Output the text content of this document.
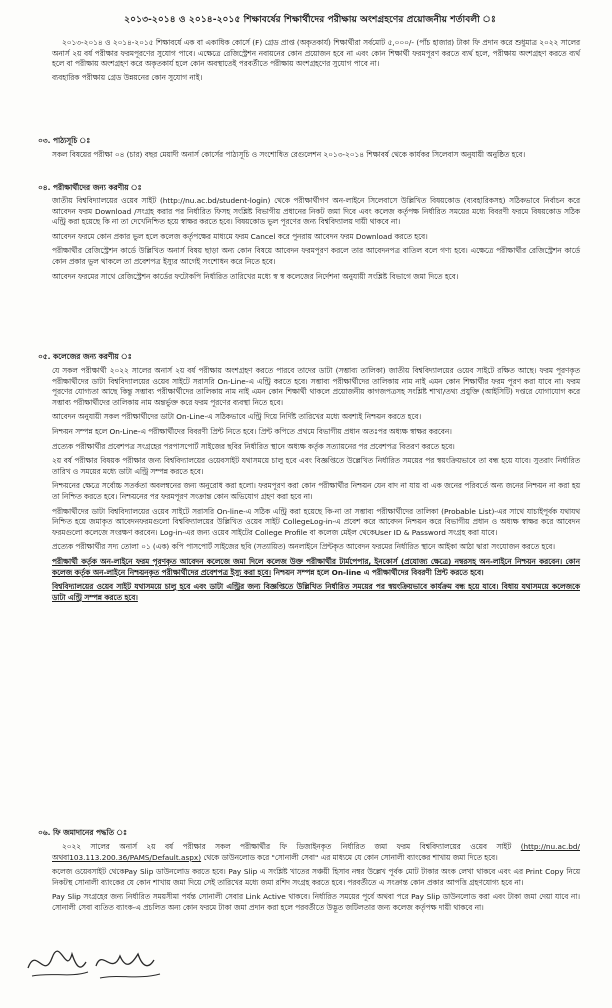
২০১৩-২০১৪ ও ২০১৪-২০১৫ শিক্ষাবর্ষের শিক্ষার্থীদের পরীক্ষায় অংশগ্রহণের প্রয়োজনীয় শর্তাবলী ঃ

২০১৩-২০১৪ ও ২০১৪-২০১৫ শিক্ষাবর্ষে এক বা একাধিক কোর্সে (F) গ্রেড প্রাপ্ত (অকৃতকার্য) শিক্ষার্থীরা সর্বমোট ৫,০০০/- (পাঁচ হাজার) টাকা ফি প্রদান করে শুধুমাত্র ২০২২ সালের অনার্স ২য় বর্ষ পরীক্ষার ফরমপূরণের সুযোগ পাবে। এক্ষেত্রে রেজিস্ট্রেশন নবায়নের কোন প্রয়োজন হবে না এবং কোন শিক্ষার্থী ফরমপূরণ করতে ব্যর্থ হলে, পরীক্ষায় অংশগ্রহণ করতে ব্যর্থ হলে বা পরীক্ষায় অংশগ্রহণ করে অকৃতকার্য হলে কোন অবস্থাতেই পরবর্তীতে পরীক্ষায় অংশগ্রহণের সুযোগ পাবে না।

ব্যবহারিক পরীক্ষায় গ্রেড উন্নয়নের কোন সুযোগ নাই।

০৩. পাঠ্যসূচি ঃ

সকল বিষয়ের পরীক্ষা ০৪ (চার) বছর মেয়াদী অনার্স কোর্সের পাঠ্যসূচি ও সংশোধিত রেগুলেশন ২০১৩-২০১৪ শিক্ষাবর্ষ থেকে কার্যকর সিলেবাস অনুযায়ী অনুষ্ঠিত হবে।

০৪. পরীক্ষার্থীদের জন্য করণীয় ঃ

জাতীয় বিশ্ববিদ্যালয়ের ওয়েব সাইট (http://nu.ac.bd/student-login) থেকে পরীক্ষার্থীগণ অন-লাইনে সিলেবাসে উল্লিখিত বিষয়কোড (ব্যবহারিকসহ) সঠিকভাবে নির্বাচন করে আবেদন ফরম Download /সংগ্রহ করার পর নির্ধারিত ফিসহ সংশ্লিষ্ট বিভাগীয় প্রধানের নিকট জমা দিবে এবং কলেজ কর্তৃপক্ষ নির্ধারিত সময়ের মধ্যে বিবরণী ফরমে বিষয়কোড সঠিক এন্ট্রি করা হয়েছে কি না তা দেখেনিশ্চিত হয়ে স্বাক্ষর করতে হবে। বিষয়কোড ভুল পূরণের জন্য বিশ্ববিদ্যালয় দায়ী থাকবে না।

আবেদন ফরমে কোন প্রকার ভুল হলে কলেজ কর্তৃপক্ষের মাধ্যমে ফরম Cancel করে পুনরায় আবেদন ফরম Download করতে হবে।

পরীক্ষার্থীর রেজিস্ট্রেশন কার্ডে উল্লিখিত অনার্স বিষয় ছাড়া অন্য কোন বিষয়ে আবেদন ফরমপূরণ করলে তার আবেদনপত্র বাতিল বলে গণ্য হবে। এক্ষেত্রে পরীক্ষার্থীর রেজিস্ট্রেশন কার্ডে কোন প্রকার ভুল থাকলে তা প্রবেশপত্র ইস্যুর আগেই সংশোধন করে নিতে হবে।

আবেদন ফরমের সাথে রেজিস্ট্রেশন কার্ডের ফটোকপি নির্ধারিত তারিখের মধ্যে স্ব স্ব কলেজের নির্দেশনা অনুযায়ী সংশ্লিষ্ট বিভাগে জমা দিতে হবে।

০৫. কলেজের জন্য করণীয় ঃ

যে সকল পরীক্ষার্থী ২০২২ সালের অনার্স ২য় বর্ষ পরীক্ষায় অংশগ্রহণ করতে পারবে তাদের ডাটা (সম্ভাব্য তালিকা) জাতীয় বিশ্ববিদ্যালয়ের ওয়েব সাইটে রক্ষিত আছে। ফরম পূরণকৃত পরীক্ষার্থীদের ডাটা বিশ্ববিদ্যালয়ের ওয়েব সাইটে সরাসরি On-Line-এ এন্ট্রি করতে হবে। সম্ভাব্য পরীক্ষার্থীদের তালিকায় নাম নাই এমন কোন শিক্ষার্থীর ফরম পূরণ করা যাবে না। ফরম পূরণের যোগ্যতা আছে কিন্তু সম্ভাব্য পরীক্ষার্থীদের তালিকায় নাম নাই এমন কোন শিক্ষার্থী থাকলে প্রয়োজনীয় কাগজপত্রসহ সংশ্লিষ্ট শাখা/তথ্য প্রযুক্তি (আইসিটি) দপ্তরে যোগাযোগ করে সম্ভাব্য পরীক্ষার্থীদের তালিকায় নাম অন্তর্ভুক্ত করে ফরম পূরণের ব্যবস্থা নিতে হবে।

আবেদন অনুযায়ী সকল পরীক্ষার্থীদের ডাটা On-Line-এ সঠিকভাবে এন্ট্রি দিয়ে নির্দিষ্ট তারিখের মধ্যে অবশ্যই নিশ্চয়ন করতে হবে।

নিশ্চয়ন সম্পন্ন হলে On-Line-এ পরীক্ষার্থীদের বিবরণী প্রিন্ট নিতে হবে। প্রিন্ট কপিতে প্রথমে বিভাগীয় প্রধান অতঃপর অধ্যক্ষ স্বাক্ষর করবেন।

প্রত্যেক পরীক্ষার্থীর প্রবেশপত্র সংগ্রহের পরপাসপোর্ট সাইজের ছবির নির্ধারিত স্থানে অধ্যক্ষ কর্তৃক সত্যায়নের পর প্রবেশপত্র বিতরণ করতে হবে।

২য় বর্ষ পরীক্ষার বিষয়ক পরীক্ষার জন্য বিশ্ববিদ্যালয়ের ওয়েবসাইট যথাসময়ে চালু হবে এবং বিজ্ঞপ্তিতে উল্লেখিত নির্ধারিত সময়ের পর স্বয়ংক্রিয়ভাবে তা বন্ধ হয়ে যাবে। সুতরাং নির্ধারিত তারিখ ও সময়ের মধ্যে ডাটা এন্ট্রি সম্পন্ন করতে হবে।

নিশ্চয়নের ক্ষেত্রে সর্বোচ্চ সতর্কতা অবলম্বনের জন্য অনুরোধ করা হলো। ফরমপূরণ করা কোন পরীক্ষার্থীর নিশ্চয়ন যেন বাদ না যায় বা এক জনের পরিবর্তে অন্য জনের নিশ্চয়ন না করা হয় তা নিশ্চিত করতে হবে। নিশ্চয়নের পর ফরমপূরণ সংক্রান্ত কোন অভিযোগ গ্রহণ করা হবে না।

পরীক্ষার্থীদের ডাটা বিশ্ববিদ্যালয়ের ওয়েব সাইটে সরাসরি On-line-এ সঠিক এন্ট্রি করা হয়েছে কি-না তা সম্ভাব্য পরীক্ষার্থীদের তালিকা (Probable List)-এর সাথে যাচাইপূর্বক যথাযথ নিশ্চিত হয়ে জমাকৃত আবেদনফরমগুলো বিশ্ববিদ্যালয়ের উল্লিখিত ওয়েব সাইট CollegeLog-in-এ প্রবেশ করে আবেদন নিশ্চয়ন করে বিভাগীয় প্রধান ও অধ্যক্ষ স্বাক্ষর করে আবেদন ফরমগুলো কলেজে সংরক্ষণ করবেন। Log-in-এর জন্য ওয়েব সাইটের College Profile বা কলেজ মেইল থেকেUser ID & Password সংগ্রহ করা যাবে।

প্রত্যেক পরীক্ষার্থীর সদ্য তোলা ০১ (এক) কপি পাসপোর্ট সাইজের ছবি (সত্যায়িত) অনলাইনে প্রিন্টকৃত আবেদন ফরমের নির্ধারিত স্থানে আইকা আঠা দ্বারা সংযোজন করতে হবে।

পরীক্ষার্থী কর্তৃক অন-লাইনে ফরম পূরণকৃত আবেদন কলেজে জমা দিলে কলেজ উক্ত পরীক্ষার্থীর টার্মপেপার, ইনকোর্স (প্রযোজ্য ক্ষেত্রে) নম্বরসহ অন-লাইনে নিশ্চয়ন করবেন। কোন কলেজ কর্তৃক অন-লাইনে নিশ্চয়নকৃত পরীক্ষার্থীদের প্রবেশপত্র ইস্যু করা হবে। নিশ্চয়ন সম্পন্ন হলে On-line এ পরীক্ষার্থীদের বিবরণী প্রিন্ট করতে হবে।

বিশ্ববিদ্যালয়ের ওয়েব সাইট যথাসময়ে চালু হবে এবং ডাটা এন্ট্রির জন্য বিজ্ঞপ্তিতে উল্লিখিত নির্ধারিত সময়ের পর স্বয়ংক্রিয়ভাবে কার্যক্রম বন্ধ হয়ে যাবে। বিধায় যথাসময়ে কলেজকে ডাটা এন্ট্রি সম্পন্ন করতে হবে।

০৬. ফি জমাদানের পদ্ধতি ঃ

২০২২ সালের অনার্স ২য় বর্ষ পরীক্ষার সকল পরীক্ষার্থীর ফি ডিজাইনকৃত নির্ধারিত জমা ফরম বিশ্ববিদ্যালয়ের ওয়েব সাইট (http://nu.ac.bd/অথবা103.113.200.36/PAMS/Default.aspx) থেকে ডাউনলোড করে "সোনালী সেবা" এর মাধ্যমে যে কোন সোনালী ব্যাংকের শাখায় জমা দিতে হবে।

কলেজ ওয়েবসাইট থেকেPay Slip ডাউনলোড করতে হবে। Pay Slip এ সংশ্লিষ্ট খাতের সঞ্চয়ী হিসাব নম্বর উল্লেখ পূর্বক মোট টাকার অংক লেখা থাকবে এবং এর Print Copy নিয়ে নিকটস্থ সোনালী ব্যাংকের যে কোন শাখায় জমা দিয়ে সেই তারিখের মধ্যে জমা রশিদ সংগ্রহ করতে হবে। পরবর্তীতে এ সংক্রান্ত কোন প্রকার আপত্তি গ্রহণযোগ্য হবে না।

Pay Slip সংগ্রহের জন্য নির্ধারিত সময়সীমা পর্যন্ত সোনালী সেবার Link Active থাকবে। নির্ধারিত সময়ের পূর্বে অথবা পরে Pay Slip ডাউনলোড করা এবং টাকা জমা দেয়া যাবে না। সোনালী সেবা ব্যতিত ব্যাংক-এ প্রচলিত অন্য কোন ফরমে টাকা জমা প্রদান করা হলে পরবর্তীতে উদ্ভূত জটিলতার জন্য কলেজ কর্তৃপক্ষ দায়ী থাকবে না।
